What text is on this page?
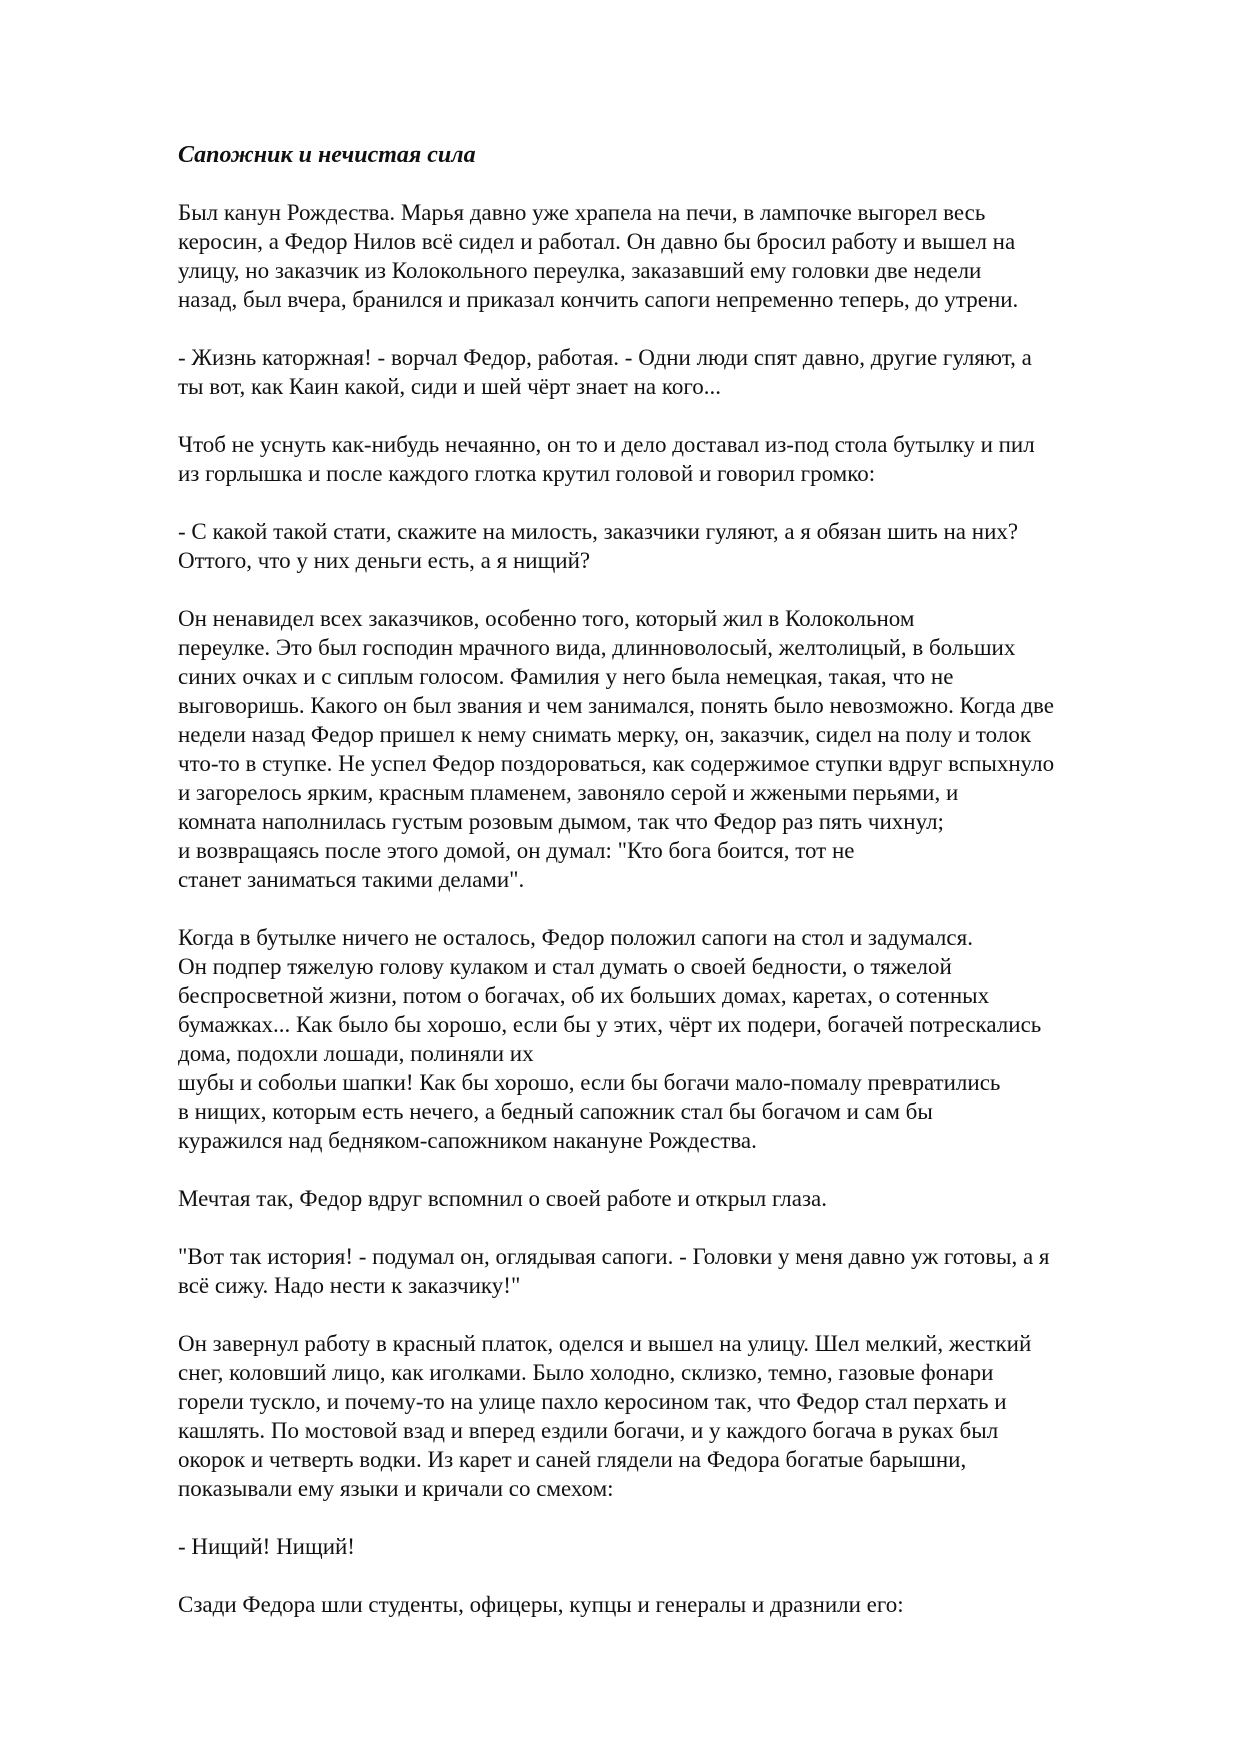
Сапожник и нечистая сила
Был канун Рождества. Марья давно уже храпела на печи, в лампочке выгорел весь
керосин, а Федор Нилов всё сидел и работал. Он давно бы бросил работу и вышел на
улицу, но заказчик из Колокольного переулка, заказавший ему головки две недели
назад, был вчера, бранился и приказал кончить сапоги непременно теперь, до утрени.
- Жизнь каторжная! - ворчал Федор, работая. - Одни люди спят давно, другие гуляют, а
ты вот, как Каин какой, сиди и шей чёрт знает на кого...
Чтоб не уснуть как-нибудь нечаянно, он то и дело доставал из-под стола бутылку и пил
из горлышка и после каждого глотка крутил головой и говорил громко:
- С какой такой стати, скажите на милость, заказчики гуляют, а я обязан шить на них?
Оттого, что у них деньги есть, а я нищий?
Он ненавидел всех заказчиков, особенно того, который жил в Колокольном
переулке. Это был господин мрачного вида, длинноволосый, желтолицый, в больших
синих очках и с сиплым голосом. Фамилия у него была немецкая, такая, что не
выговоришь. Какого он был звания и чем занимался, понять было невозможно. Когда две
недели назад Федор пришел к нему снимать мерку, он, заказчик, сидел на полу и толок
что-то в ступке. Не успел Федор поздороваться, как содержимое ступки вдруг вспыхнуло
и загорелось ярким, красным пламенем, завоняло серой и жжеными перьями, и
комната наполнилась густым розовым дымом, так что Федор раз пять чихнул;
и возвращаясь после этого домой, он думал: "Кто бога боится, тот не
станет заниматься такими делами".
Когда в бутылке ничего не осталось, Федор положил сапоги на стол и задумался.
Он подпер тяжелую голову кулаком и стал думать о своей бедности, о тяжелой
беспросветной жизни, потом о богачах, об их больших домах, каретах, о сотенных
бумажках... Как было бы хорошо, если бы у этих, чёрт их подери, богачей потрескались
дома, подохли лошади, полиняли их
шубы и собольи шапки! Как бы хорошо, если бы богачи мало-помалу превратились
в нищих, которым есть нечего, а бедный сапожник стал бы богачом и сам бы
куражился над бедняком-сапожником накануне Рождества.
Мечтая так, Федор вдруг вспомнил о своей работе и открыл глаза.
"Вот так история! - подумал он, оглядывая сапоги. - Головки у меня давно уж готовы, а я
всё сижу. Надо нести к заказчику!"
Он завернул работу в красный платок, оделся и вышел на улицу. Шел мелкий, жесткий
снег, коловший лицо, как иголками. Было холодно, склизко, темно, газовые фонари
горели тускло, и почему-то на улице пахло керосином так, что Федор стал перхать и
кашлять. По мостовой взад и вперед ездили богачи, и у каждого богача в руках был
окорок и четверть водки. Из карет и саней глядели на Федора богатые барышни,
показывали ему языки и кричали со смехом:
- Нищий! Нищий!
Сзади Федора шли студенты, офицеры, купцы и генералы и дразнили его:
